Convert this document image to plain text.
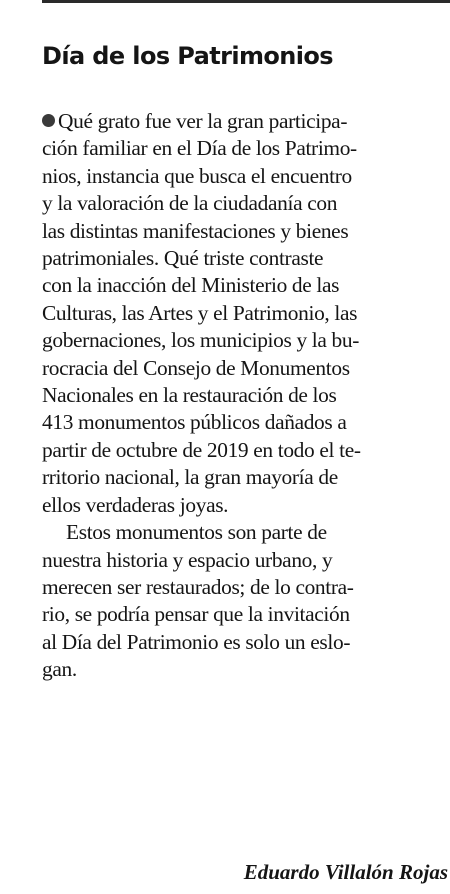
Día de los Patrimonios
Qué grato fue ver la gran participa-
ción familiar en el Día de los Patrimo-
nios, instancia que busca el encuentro
y la valoración de la ciudadanía con
las distintas manifestaciones y bienes
patrimoniales. Qué triste contraste
con la inacción del Ministerio de las
Culturas, las Artes y el Patrimonio, las
gobernaciones, los municipios y la bu-
rocracia del Consejo de Monumentos
Nacionales en la restauración de los
413 monumentos públicos dañados a
partir de octubre de 2019 en todo el te-
rritorio nacional, la gran mayoría de
ellos verdaderas joyas.
Estos monumentos son parte de
nuestra historia y espacio urbano, y
merecen ser restaurados; de lo contra-
rio, se podría pensar que la invitación
al Día del Patrimonio es solo un eslo-
gan.

Eduardo Villalón Rojas
